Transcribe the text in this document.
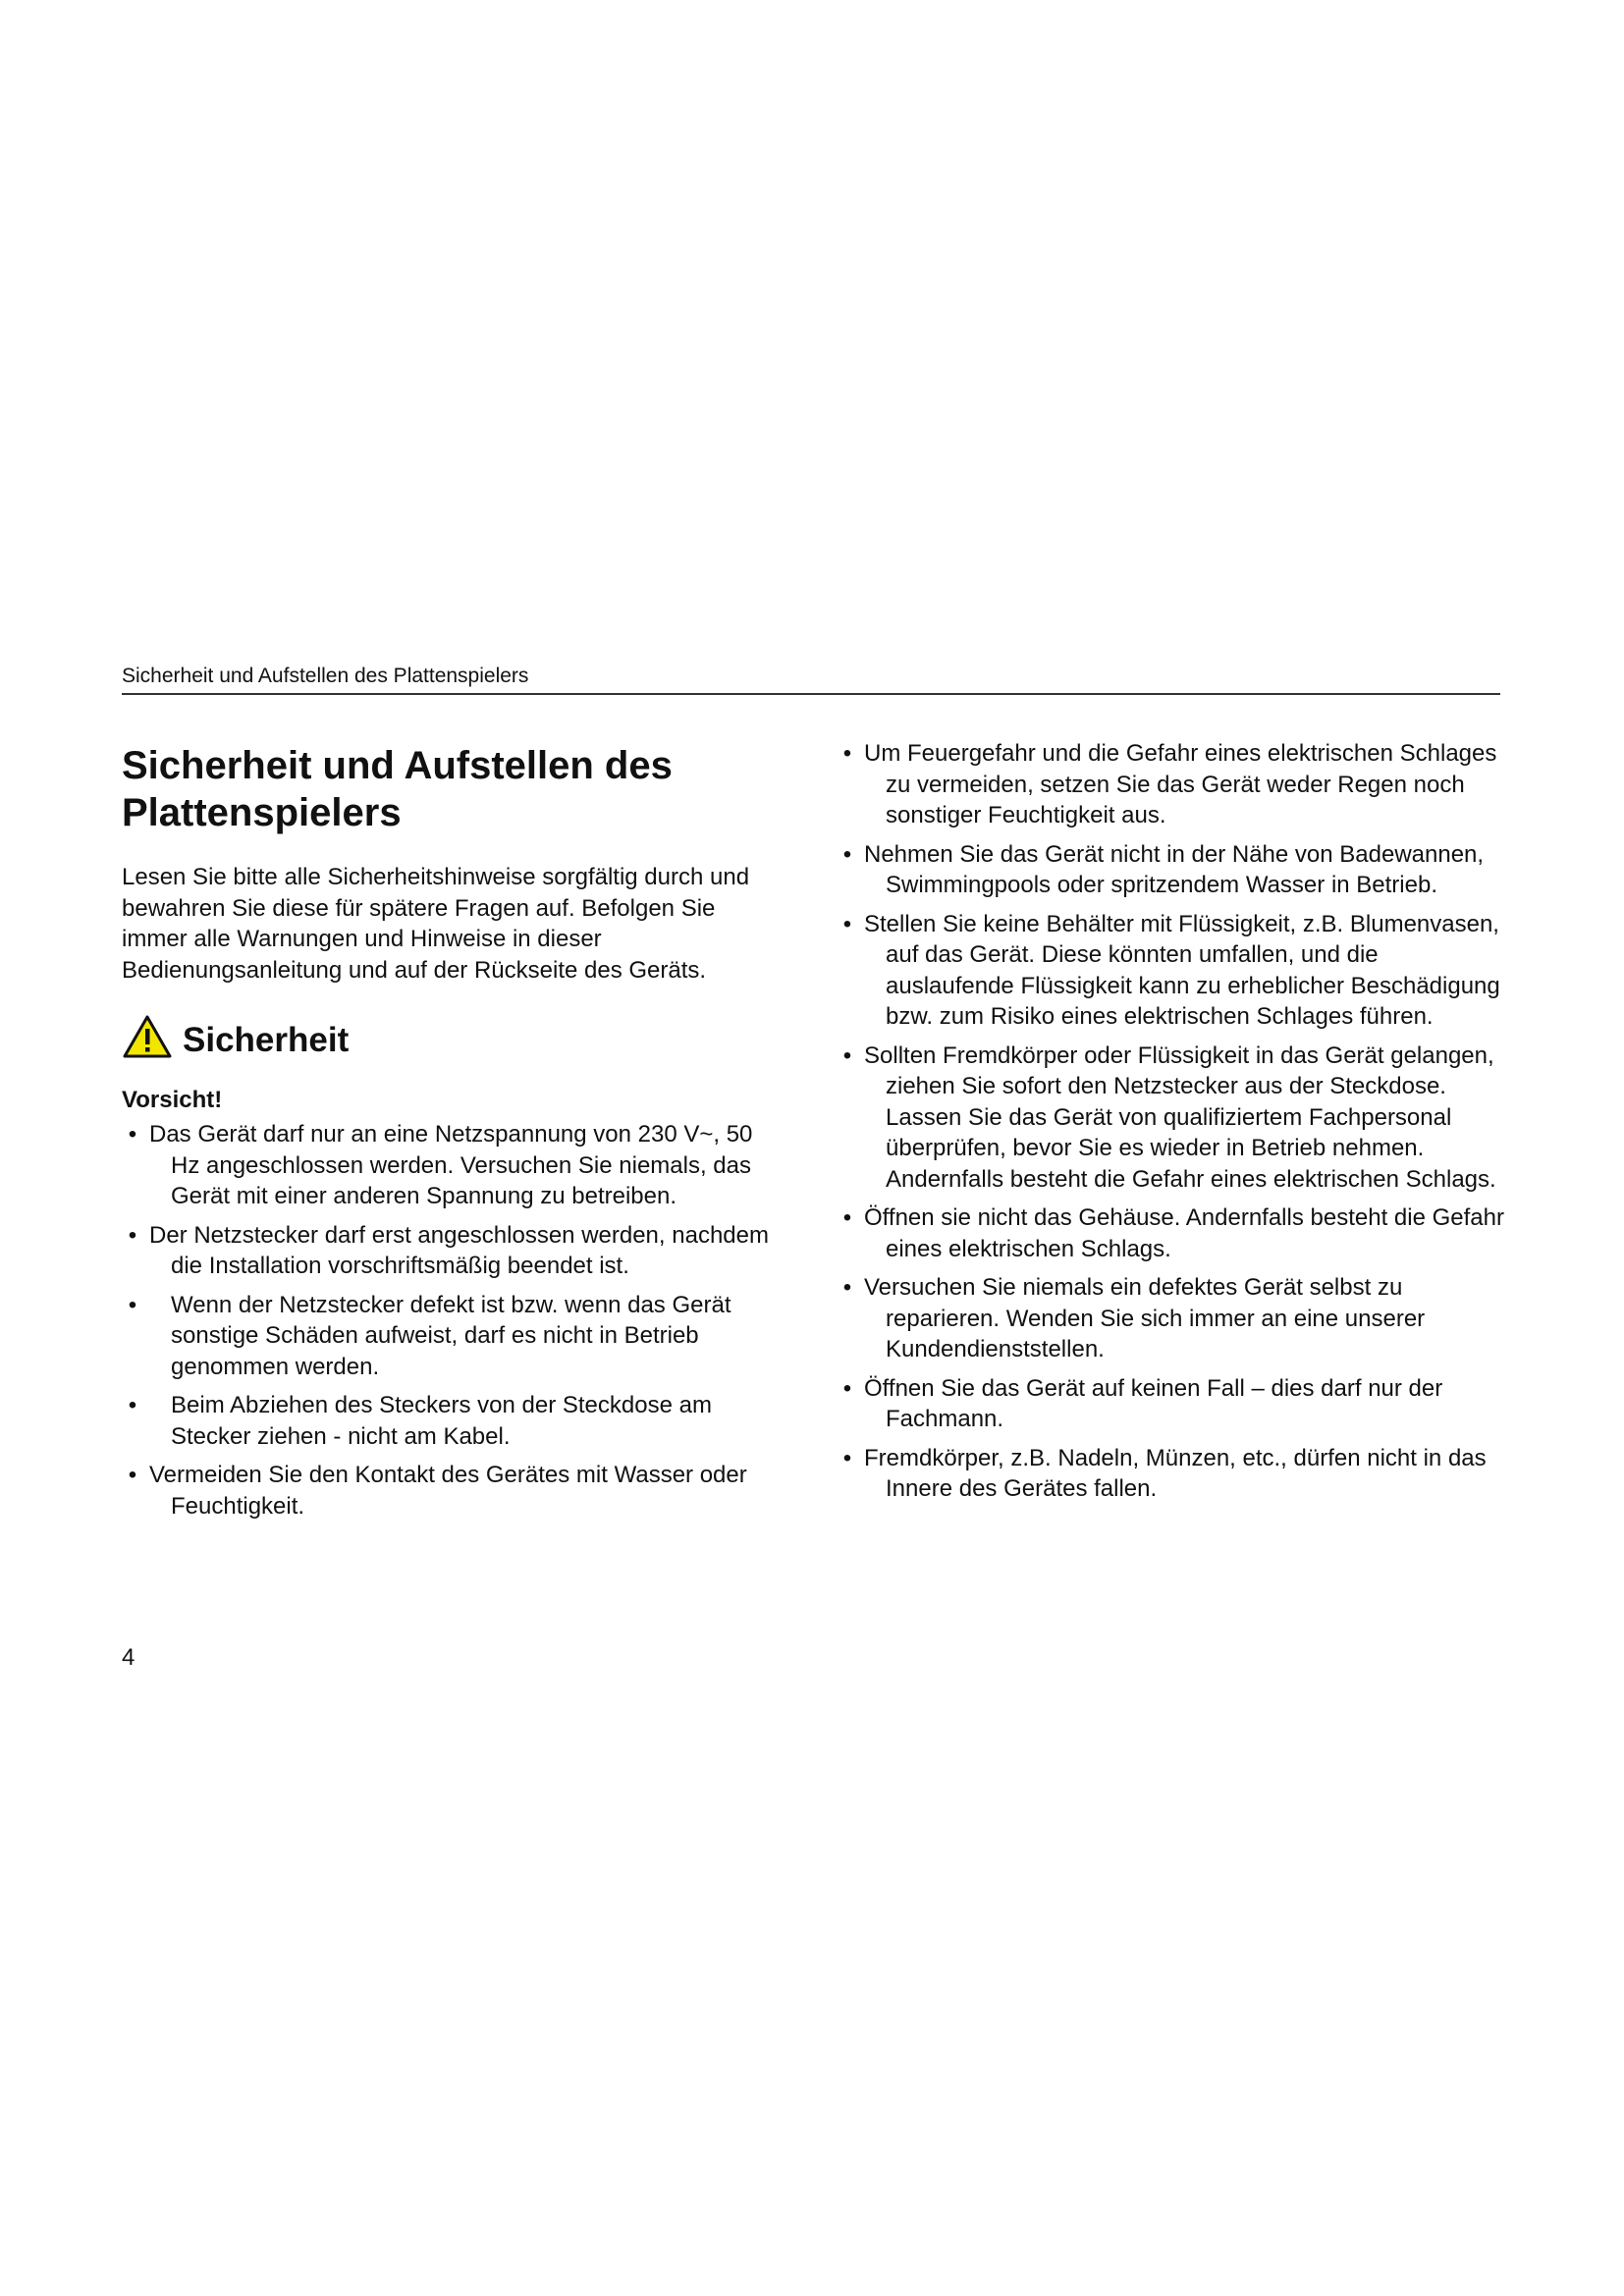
Sicherheit und Aufstellen des Plattenspielers
Sicherheit und Aufstellen des Plattenspielers

Lesen Sie bitte alle Sicherheitshinweise sorgfältig durch und bewahren Sie diese für spätere Fragen auf. Befolgen Sie immer alle Warnungen und Hinweise in dieser Bedienungsanleitung und auf der Rückseite des Geräts.

Sicherheit
Vorsicht!
• Das Gerät darf nur an eine Netzspannung von 230 V~, 50 Hz angeschlossen werden. Versuchen Sie niemals, das Gerät mit einer anderen Spannung zu betreiben.
• Der Netzstecker darf erst angeschlossen werden, nachdem die Installation vorschriftsmäßig beendet ist.
•	Wenn der Netzstecker defekt ist bzw. wenn das Gerät sonstige Schäden aufweist, darf es nicht in Betrieb genommen werden.
•	Beim Abziehen des Steckers von der Steckdose am Stecker ziehen - nicht am Kabel.
• Vermeiden Sie den Kontakt des Gerätes mit Wasser oder Feuchtigkeit.
• Um Feuergefahr und die Gefahr eines elektrischen Schlages zu vermeiden, setzen Sie das Gerät weder Regen noch sonstiger Feuchtigkeit aus.
• Nehmen Sie das Gerät nicht in der Nähe von Badewannen, Swimmingpools oder spritzendem Wasser in Betrieb.
• Stellen Sie keine Behälter mit Flüssigkeit, z.B. Blumenvasen, auf das Gerät. Diese könnten umfallen, und die auslaufende Flüssigkeit kann zu erheblicher Beschädigung bzw. zum Risiko eines elektrischen Schlages führen.
• Sollten Fremdkörper oder Flüssigkeit in das Gerät gelangen, ziehen Sie sofort den Netzstecker aus der Steckdose. Lassen Sie das Gerät von qualifiziertem Fachpersonal überprüfen, bevor Sie es wieder in Betrieb nehmen. Andernfalls besteht die Gefahr eines elektrischen Schlags.
• Öffnen sie nicht das Gehäuse. Andernfalls besteht die Gefahr eines elektrischen Schlags.
• Versuchen Sie niemals ein defektes Gerät selbst zu reparieren. Wenden Sie sich immer an eine unserer Kundendienststellen.
• Öffnen Sie das Gerät auf keinen Fall – dies darf nur der Fachmann.
• Fremdkörper, z.B. Nadeln, Münzen, etc., dürfen nicht in das Innere des Gerätes fallen.
4
